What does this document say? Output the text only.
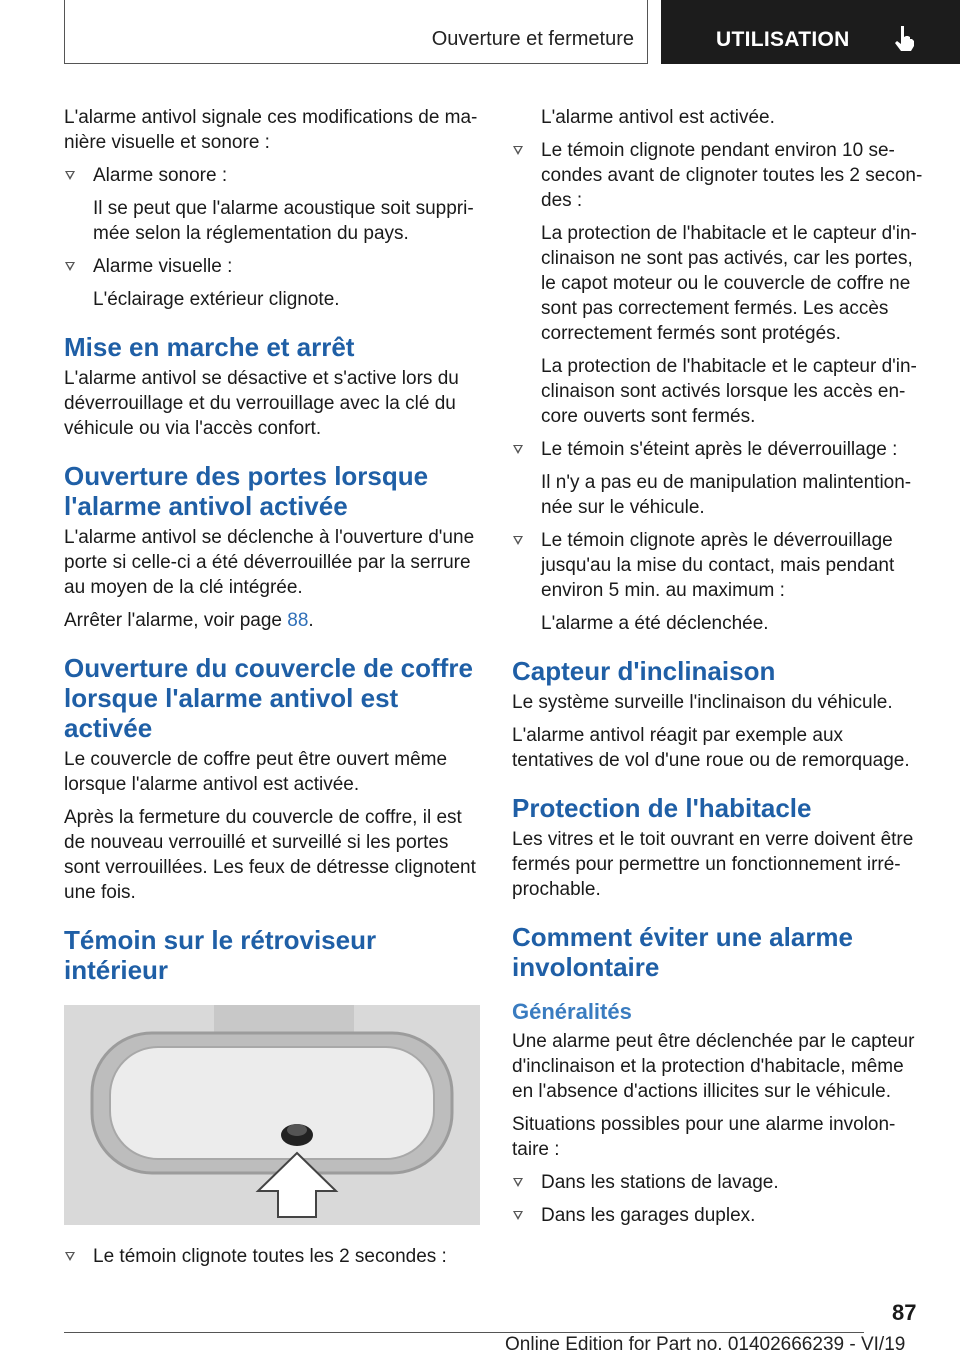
Ouverture et fermeture	UTILISATION

L'alarme antivol signale ces modifications de ma-nière visuelle et sonore :

Alarme sonore :

Il se peut que l'alarme acoustique soit suppri-mée selon la réglementation du pays.

Alarme visuelle :

L'éclairage extérieur clignote.

Mise en marche et arrêt

L'alarme antivol se désactive et s'active lors du déverrouillage et du verrouillage avec la clé du véhicule ou via l'accès confort.

Ouverture des portes lorsque l'alarme antivol activée

L'alarme antivol se déclenche à l'ouverture d'une porte si celle-ci a été déverrouillée par la serrure au moyen de la clé intégrée.

Arrêter l'alarme, voir page 88.

Ouverture du couvercle de coffre lorsque l'alarme antivol est activée

Le couvercle de coffre peut être ouvert même lorsque l'alarme antivol est activée.

Après la fermeture du couvercle de coffre, il est de nouveau verrouillé et surveillé si les portes sont verrouillées. Les feux de détresse clignotent une fois.

Témoin sur le rétroviseur intérieur
Le témoin clignote toutes les 2 secondes :

L'alarme antivol est activée.

Le témoin clignote pendant environ 10 se-condes avant de clignoter toutes les 2 secon-des :

La protection de l'habitacle et le capteur d'in-clinaison ne sont pas activés, car les portes, le capot moteur ou le couvercle de coffre ne sont pas correctement fermés. Les accès correctement fermés sont protégés.

La protection de l'habitacle et le capteur d'in-clinaison sont activés lorsque les accès en-core ouverts sont fermés.

Le témoin s'éteint après le déverrouillage :

Il n'y a pas eu de manipulation malintention-née sur le véhicule.

Le témoin clignote après le déverrouillage jusqu'au la mise du contact, mais pendant environ 5 min. au maximum :

L'alarme a été déclenchée.

Capteur d'inclinaison

Le système surveille l'inclinaison du véhicule.

L'alarme antivol réagit par exemple aux tentatives de vol d'une roue ou de remorquage.

Protection de l'habitacle

Les vitres et le toit ouvrant en verre doivent être fermés pour permettre un fonctionnement irré-prochable.

Comment éviter une alarme involontaire
Généralités

Une alarme peut être déclenchée par le capteur d'inclinaison et la protection d'habitacle, même en l'absence d'actions illicites sur le véhicule.

Situations possibles pour une alarme involon-taire :

Dans les stations de lavage.
Dans les garages duplex.
87
Online Edition for Part no. 01402666239 - VI/19
